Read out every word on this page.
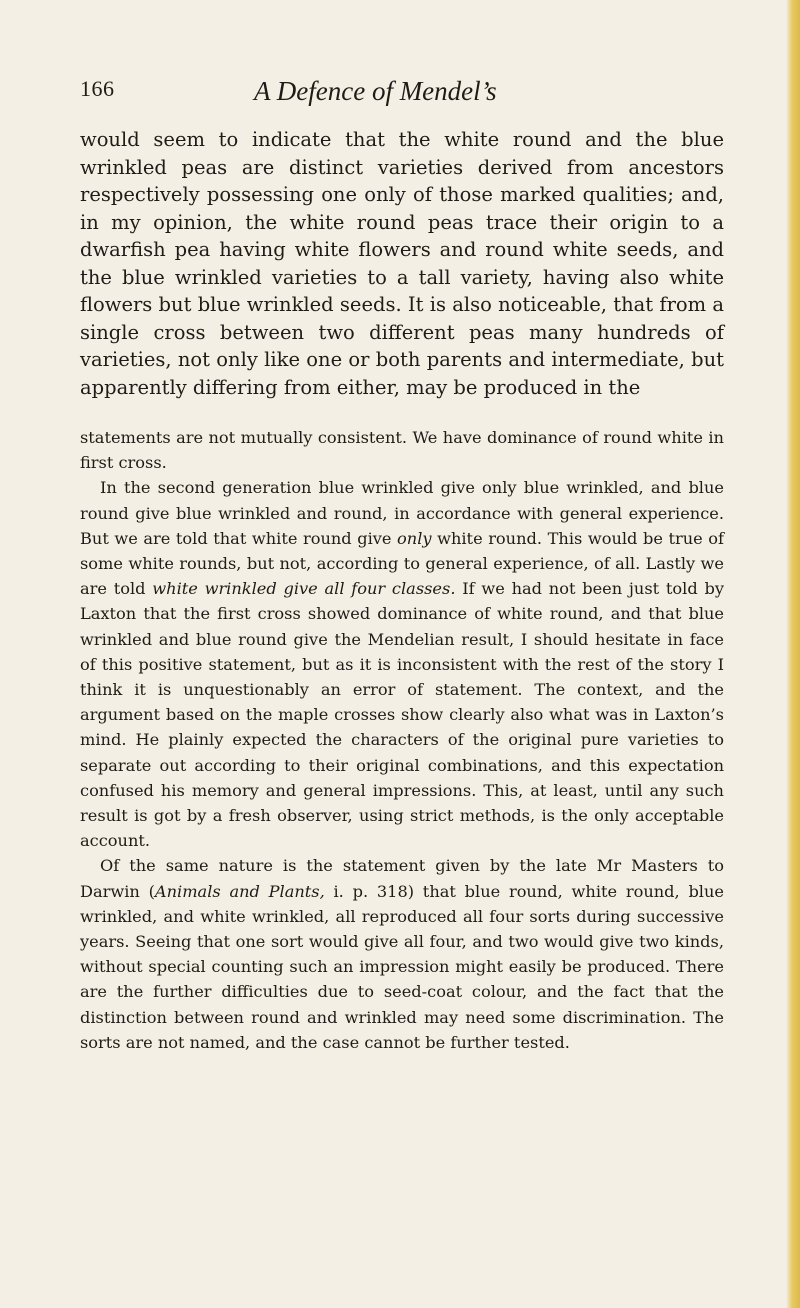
166	A Defence of Mendel’s
would seem to indicate that the white round and the blue wrinkled peas are distinct varieties derived from ancestors respectively possessing one only of those marked qualities; and, in my opinion, the white round peas trace their origin to a dwarfish pea having white flowers and round white seeds, and the blue wrinkled varieties to a tall variety, having also white flowers but blue wrinkled seeds. It is also noticeable, that from a single cross between two different peas many hundreds of varieties, not only like one or both parents and intermediate, but apparently differing from either, may be produced in the

statements are not mutually consistent. We have dominance of round white in first cross.

In the second generation blue wrinkled give only blue wrinkled, and blue round give blue wrinkled and round, in accordance with general experience. But we are told that white round give only white round. This would be true of some white rounds, but not, according to general experience, of all. Lastly we are told white wrinkled give all four classes. If we had not been just told by Laxton that the first cross showed dominance of white round, and that blue wrinkled and blue round give the Mendelian result, I should hesitate in face of this positive statement, but as it is inconsistent with the rest of the story I think it is unquestionably an error of statement. The context, and the argument based on the maple crosses show clearly also what was in Laxton’s mind. He plainly expected the characters of the original pure varieties to separate out according to their original combinations, and this expectation confused his memory and general impressions. This, at least, until any such result is got by a fresh observer, using strict methods, is the only acceptable account.

Of the same nature is the statement given by the late Mr Masters to Darwin (Animals and Plants, i. p. 318) that blue round, white round, blue wrinkled, and white wrinkled, all reproduced all four sorts during successive years. Seeing that one sort would give all four, and two would give two kinds, without special counting such an impression might easily be produced. There are the further difficulties due to seed-coat colour, and the fact that the distinction between round and wrinkled may need some discrimination. The sorts are not named, and the case cannot be further tested.
